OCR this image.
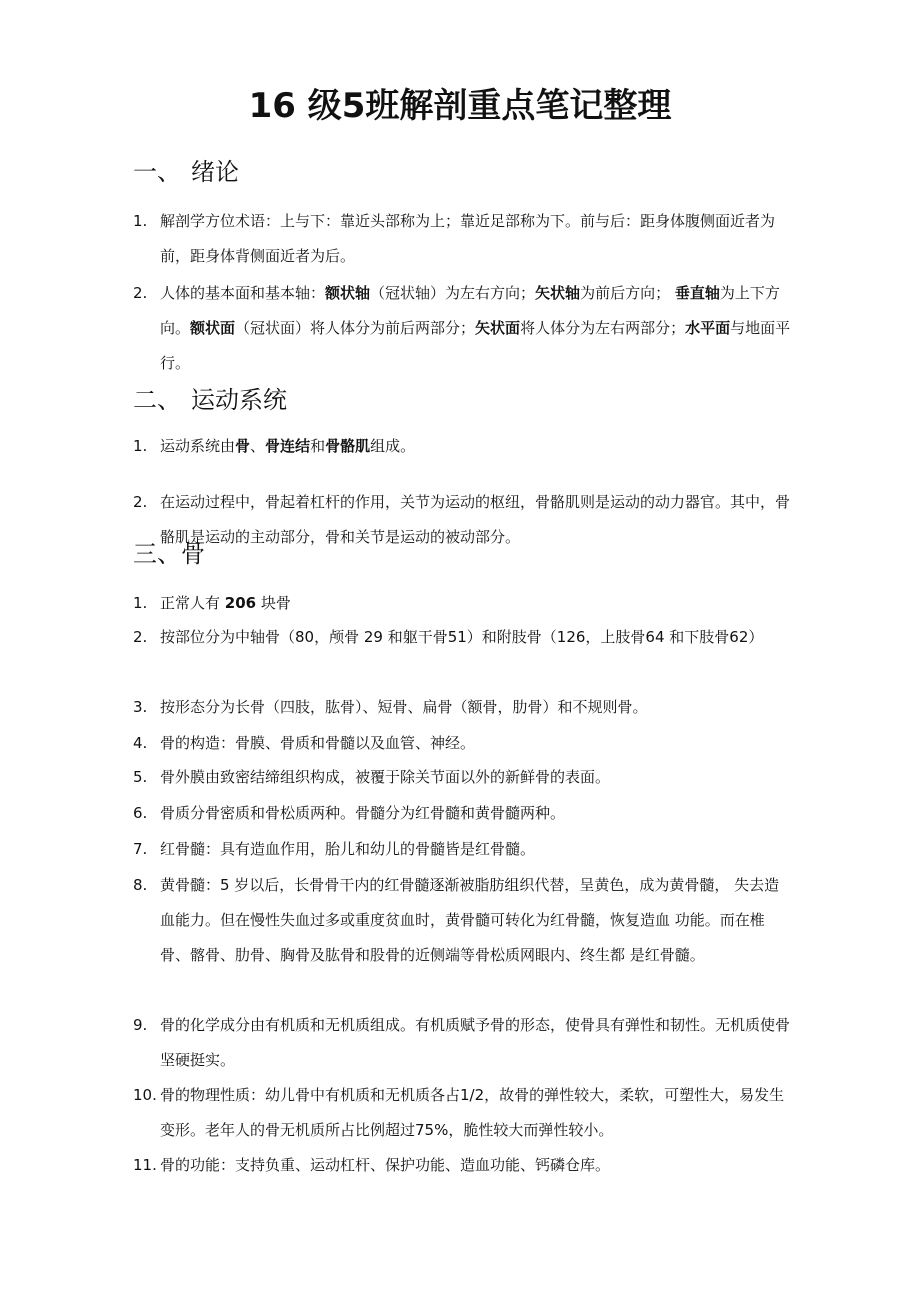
16 级5班解剖重点笔记整理
一、 绪论
1. 解剖学方位术语：上与下：靠近头部称为上；靠近足部称为下。前与后：距身体腹侧面近者为前，距身体背侧面近者为后。
2. 人体的基本面和基本轴：额状轴（冠状轴）为左右方向；矢状轴为前后方向； 垂直轴为上下方向。额状面（冠状面）将人体分为前后两部分；矢状面将人体分为左右两部分；水平面与地面平行。
二、 运动系统
1. 运动系统由骨、骨连结和骨骼肌组成。
2. 在运动过程中，骨起着杠杆的作用，关节为运动的枢纽，骨骼肌则是运动的动力器官。其中，骨骼肌是运动的主动部分，骨和关节是运动的被动部分。
三、骨
1. 正常人有 206 块骨
2. 按部位分为中轴骨（80，颅骨 29 和躯干骨51）和附肢骨（126，上肢骨64 和下肢骨62）
3. 按形态分为长骨（四肢，肱骨）、短骨、扁骨（额骨，肋骨）和不规则骨。
4. 骨的构造：骨膜、骨质和骨髓以及血管、神经。
5. 骨外膜由致密结缔组织构成，被覆于除关节面以外的新鲜骨的表面。
6. 骨质分骨密质和骨松质两种。骨髓分为红骨髓和黄骨髓两种。
7. 红骨髓：具有造血作用，胎儿和幼儿的骨髓皆是红骨髓。
8. 黄骨髓：5 岁以后，长骨骨干内的红骨髓逐渐被脂肪组织代替，呈黄色，成为黄骨髓， 失去造血能力。但在慢性失血过多或重度贫血时，黄骨髓可转化为红骨髓，恢复造血 功能。而在椎骨、髂骨、肋骨、胸骨及肱骨和股骨的近侧端等骨松质网眼内、终生都 是红骨髓。
9. 骨的化学成分由有机质和无机质组成。有机质赋予骨的形态，使骨具有弹性和韧性。无机质使骨坚硬挺实。
10. 骨的物理性质：幼儿骨中有机质和无机质各占1/2，故骨的弹性较大，柔软，可塑性大，易发生变形。老年人的骨无机质所占比例超过75%，脆性较大而弹性较小。
11. 骨的功能：支持负重、运动杠杆、保护功能、造血功能、钙磷仓库。
